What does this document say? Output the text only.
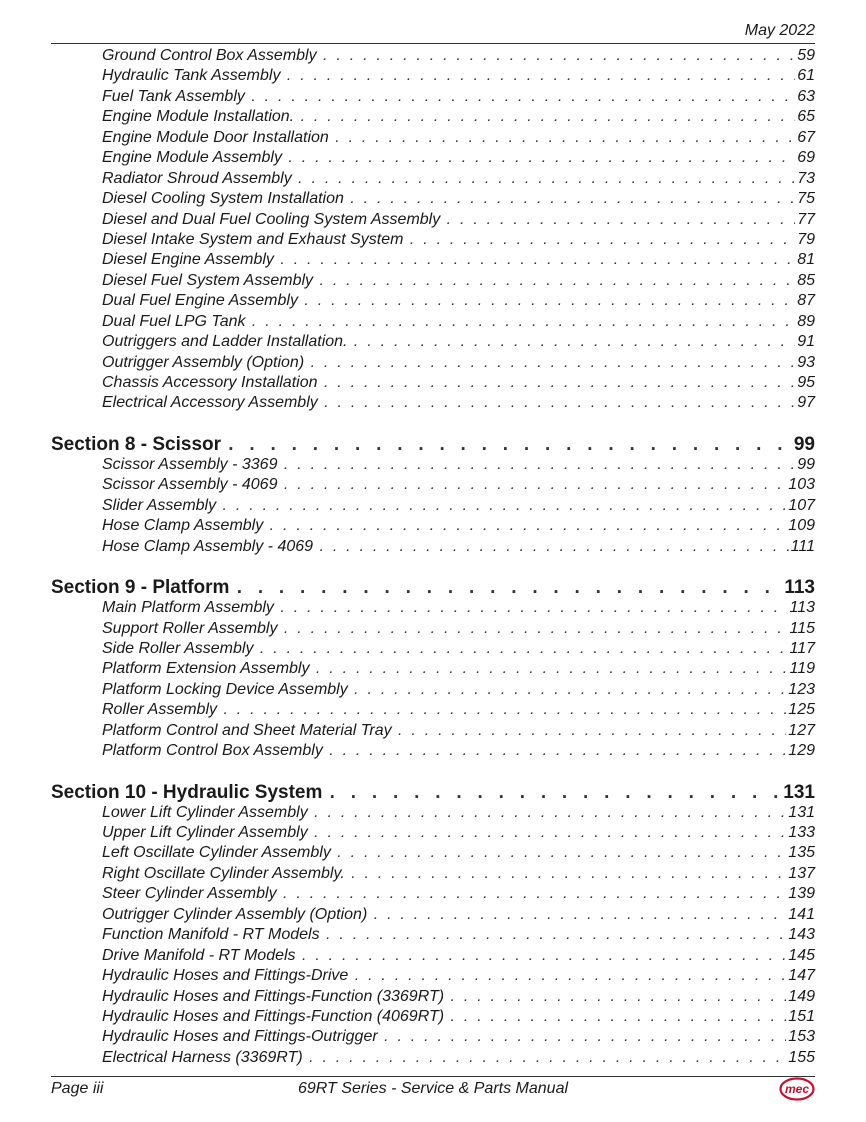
May 2022
Ground Control Box Assembly . .	59
Hydraulic Tank Assembly . .	61
Fuel Tank Assembly . .	63
Engine Module Installation. . .	65
Engine Module Door Installation . .	67
Engine Module Assembly . .	69
Radiator Shroud Assembly . .	73
Diesel Cooling System Installation . .	75
Diesel and Dual Fuel Cooling System Assembly . .	77
Diesel Intake System and Exhaust System . .	79
Diesel Engine Assembly . .	81
Diesel Fuel System Assembly . .	85
Dual Fuel Engine Assembly . .	87
Dual Fuel LPG Tank . .	89
Outriggers and Ladder Installation. . .	91
Outrigger Assembly (Option) . .	93
Chassis Accessory Installation . .	95
Electrical Accessory Assembly . .	97
Section 8 - Scissor . .	99
Scissor Assembly - 3369 . .	99
Scissor Assembly - 4069 . .	103
Slider Assembly . .	107
Hose Clamp Assembly . .	109
Hose Clamp Assembly - 4069 . .	111
Section 9 - Platform . .	113
Main Platform Assembly . .	113
Support Roller Assembly . .	115
Side Roller Assembly . .	117
Platform Extension Assembly . .	119
Platform Locking Device Assembly . .	123
Roller Assembly . .	125
Platform Control and Sheet Material Tray . .	127
Platform Control Box Assembly . .	129
Section 10 - Hydraulic System . .	131
Lower Lift Cylinder Assembly . .	131
Upper Lift Cylinder Assembly . .	133
Left Oscillate Cylinder Assembly . .	135
Right Oscillate Cylinder Assembly. . .	137
Steer Cylinder Assembly . .	139
Outrigger Cylinder Assembly (Option) . .	141
Function Manifold - RT Models . .	143
Drive Manifold - RT Models . .	145
Hydraulic Hoses and Fittings-Drive . .	147
Hydraulic Hoses and Fittings-Function (3369RT) . .	149
Hydraulic Hoses and Fittings-Function (4069RT) . .	151
Hydraulic Hoses and Fittings-Outrigger . .	153
Electrical Harness (3369RT) . .	155
Page iii	69RT Series - Service & Parts Manual	mec
